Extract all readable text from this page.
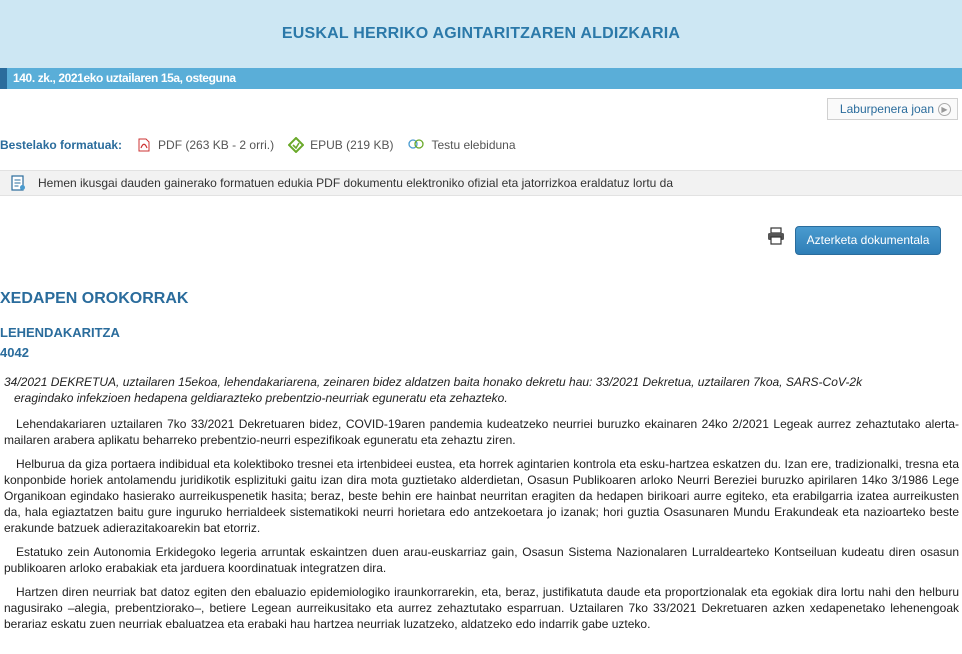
EUSKAL HERRIKO AGINTARITZAREN ALDIZKARIA
140. zk., 2021eko uztailaren 15a, osteguna
Laburpenera joan ▶
Bestelako formatuak:	PDF (263 KB - 2 orri.)	EPUB (219 KB)	Testu elebiduna
Hemen ikusgai dauden gainerako formatuen edukia PDF dokumentu elektroniko ofizial eta jatorrizkoa eraldatuz lortu da
Azterketa dokumentala
XEDAPEN OROKORRAK
LEHENDAKARITZA
4042
34/2021 DEKRETUA, uztailaren 15ekoa, lehendakariarena, zeinaren bidez aldatzen baita honako dekretu hau: 33/2021 Dekretua, uztailaren 7koa, SARS-CoV-2k
eragindako infekzioen hedapena geldiarazteko prebentzio-neurriak eguneratu eta zehazteko.

Lehendakariaren uztailaren 7ko 33/2021 Dekretuaren bidez, COVID-19aren pandemia kudeatzeko neurriei buruzko ekainaren 24ko 2/2021 Legeak aurrez zehaztutako alerta-mailaren arabera aplikatu beharreko prebentzio-neurri espezifikoak eguneratu eta zehaztu ziren.

Helburua da giza portaera indibidual eta kolektiboko tresnei eta irtenbideei eustea, eta horrek agintarien kontrola eta esku-hartzea eskatzen du. Izan ere, tradizionalki, tresna eta konponbide horiek antolamendu juridikotik esplizituki gaitu izan dira mota guztietako alderdietan, Osasun Publikoaren arloko Neurri Bereziei buruzko apirilaren 14ko 3/1986 Lege Organikoan egindako hasierako aurreikuspenetik hasita; beraz, beste behin ere hainbat neurritan eragiten da hedapen birikoari aurre egiteko, eta erabilgarria izatea aurreikusten da, hala egiaztatzen baitu gure inguruko herrialdeek sistematikoki neurri horietara edo antzekoetara jo izanak; hori guztia Osasunaren Mundu Erakundeak eta nazioarteko beste erakunde batzuek adierazitakoarekin bat etorriz.

Estatuko zein Autonomia Erkidegoko legeria arruntak eskaintzen duen arau-euskarriaz gain, Osasun Sistema Nazionalaren Lurraldearteko Kontseiluan kudeatu diren osasun publikoaren arloko erabakiak eta jarduera koordinatuak integratzen dira.

Hartzen diren neurriak bat datoz egiten den ebaluazio epidemiologiko iraunkorrarekin, eta, beraz, justifikatuta daude eta proportzionalak eta egokiak dira lortu nahi den helburu nagusirako –alegia, prebentziorako–, betiere Legean aurreikusitako eta aurrez zehaztutako esparruan. Uztailaren 7ko 33/2021 Dekretuaren azken xedapenetako lehenengoak berariaz eskatu zuen neurriak ebaluatzea eta erabaki hau hartzea neurriak luzatzeko, aldatzeko edo indarrik gabe uzteko.
